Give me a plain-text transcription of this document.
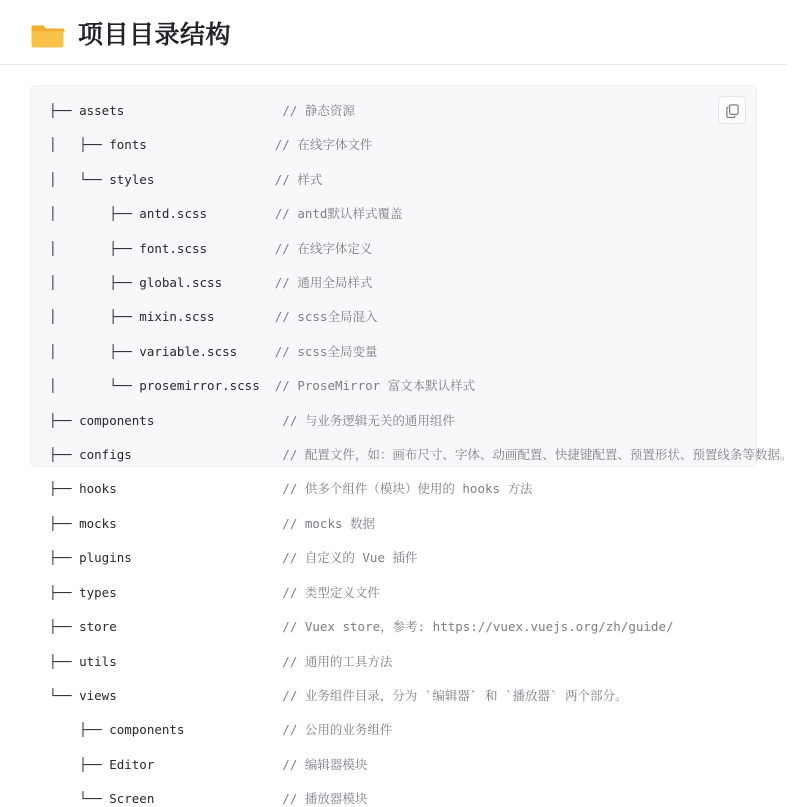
项目目录结构
├── assets                     // 静态资源

│   ├── fonts                 // 在线字体文件

│   └── styles                // 样式

│       ├── antd.scss         // antd默认样式覆盖

│       ├── font.scss         // 在线字体定义

│       ├── global.scss       // 通用全局样式

│       ├── mixin.scss        // scss全局混入

│       ├── variable.scss     // scss全局变量

│       └── prosemirror.scss  // ProseMirror 富文本默认样式

├── components                 // 与业务逻辑无关的通用组件

├── configs                    // 配置文件，如：画布尺寸、字体、动画配置、快捷键配置、预置形状、预置线条等数据。

├── hooks                      // 供多个组件（模块）使用的 hooks 方法

├── mocks                      // mocks 数据

├── plugins                    // 自定义的 Vue 插件

├── types                      // 类型定义文件

├── store                      // Vuex store，参考: https://vuex.vuejs.org/zh/guide/

├── utils                      // 通用的工具方法

└── views                      // 业务组件目录，分为 `编辑器` 和 `播放器` 两个部分。

├── components             // 公用的业务组件

├── Editor                 // 编辑器模块

└── Screen                 // 播放器模块
